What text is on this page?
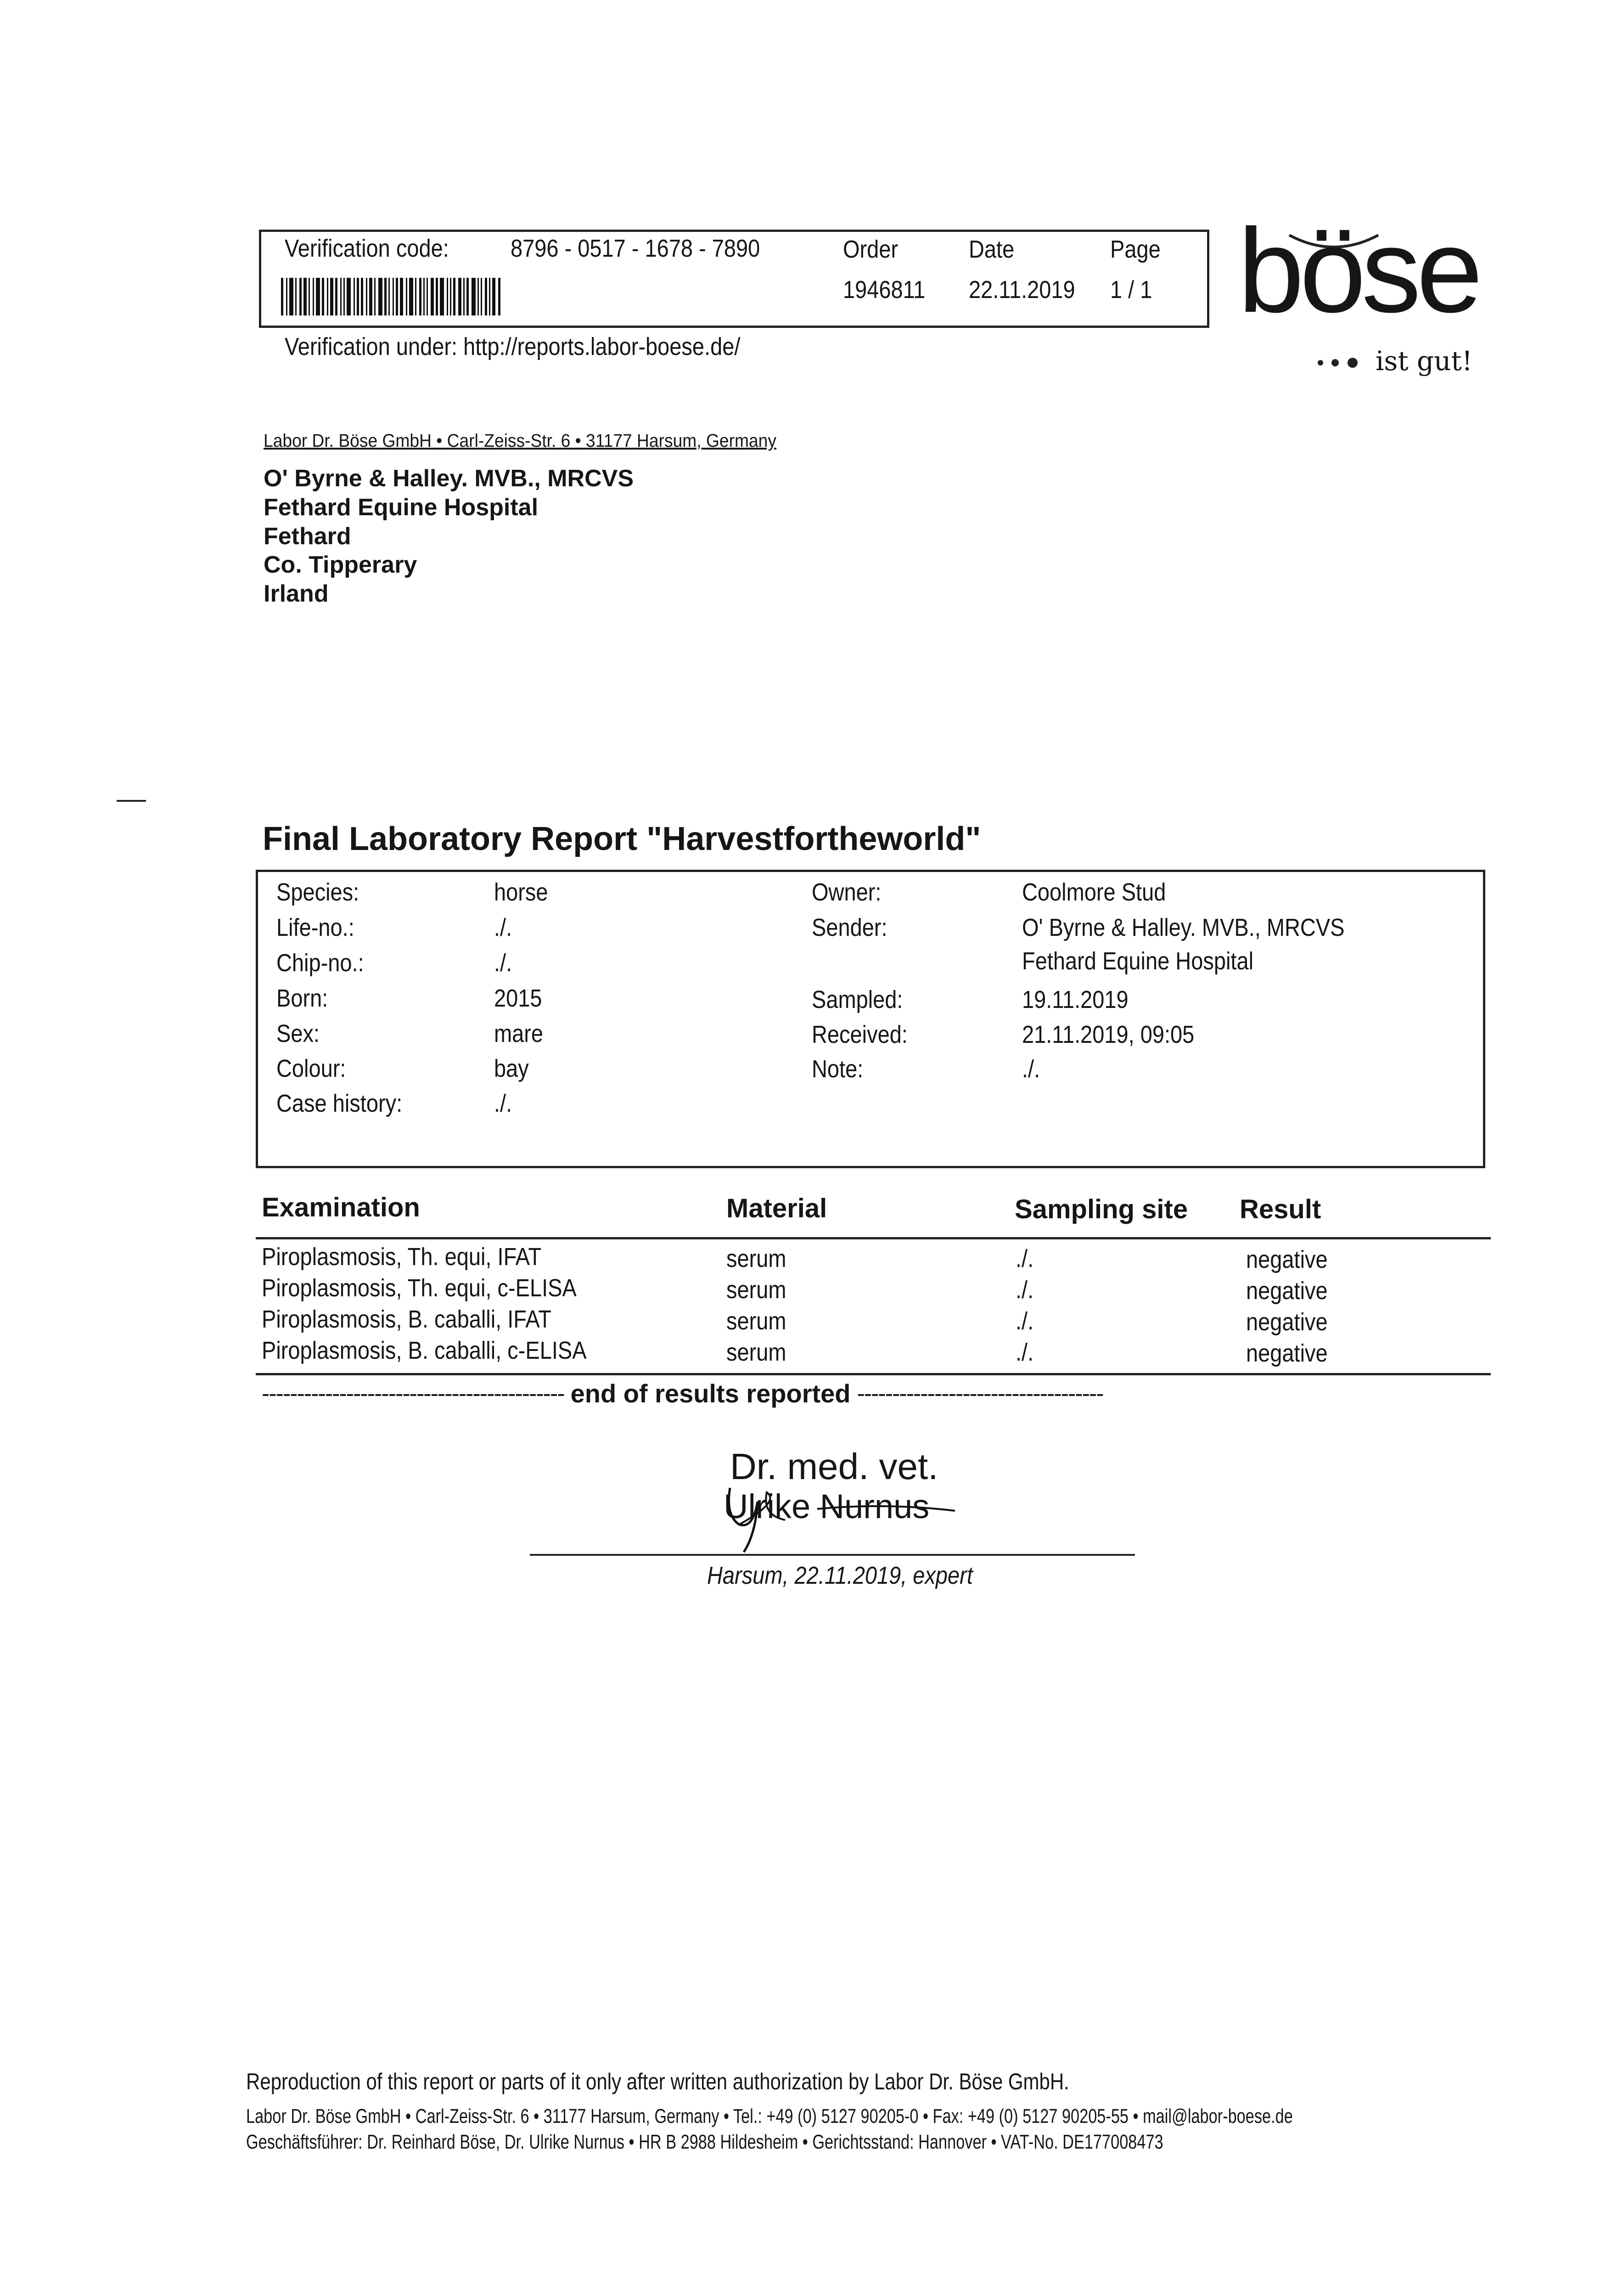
Verification code: 8796 - 0517 - 1678 - 7890	Order	Date	Page
1946811 22.11.2019 1 / 1
Verification under: http://reports.labor-boese.de/
böse
ist gut!
Labor Dr. Böse GmbH • Carl-Zeiss-Str. 6 • 31177 Harsum, Germany
O' Byrne & Halley. MVB., MRCVS
Fethard Equine Hospital
Fethard
Co. Tipperary
Irland
Final Laboratory Report "Harvestfortheworld"
Species:	horse
Life-no.:	./.
Chip-no.:	./.
Born:	2015
Sex:	mare
Colour:	bay
Case history:	./.
Owner:	Coolmore Stud
Sender:	O' Byrne & Halley. MVB., MRCVS
Fethard Equine Hospital
Sampled:	19.11.2019
Received:	21.11.2019, 09:05
Note:	./.
Examination	Material	Sampling site Result
Piroplasmosis, Th. equi, IFAT	serum	./.	negative
Piroplasmosis, Th. equi, c-ELISA	serum	./.	negative
Piroplasmosis, B. caballi, IFAT	serum	./.	negative
Piroplasmosis, B. caballi, c-ELISA	serum	./.	negative
------------------------------------------- end of results reported -----------------------------------
Dr. med. vet.
Ulrike Nurnus
Harsum, 22.11.2019, expert
Reproduction of this report or parts of it only after written authorization by Labor Dr. Böse GmbH.
Labor Dr. Böse GmbH • Carl-Zeiss-Str. 6 • 31177 Harsum, Germany • Tel.: +49 (0) 5127 90205-0 • Fax: +49 (0) 5127 90205-55 • mail@labor-boese.de
Geschäftsführer: Dr. Reinhard Böse, Dr. Ulrike Nurnus • HR B 2988 Hildesheim • Gerichtsstand: Hannover • VAT-No. DE177008473
